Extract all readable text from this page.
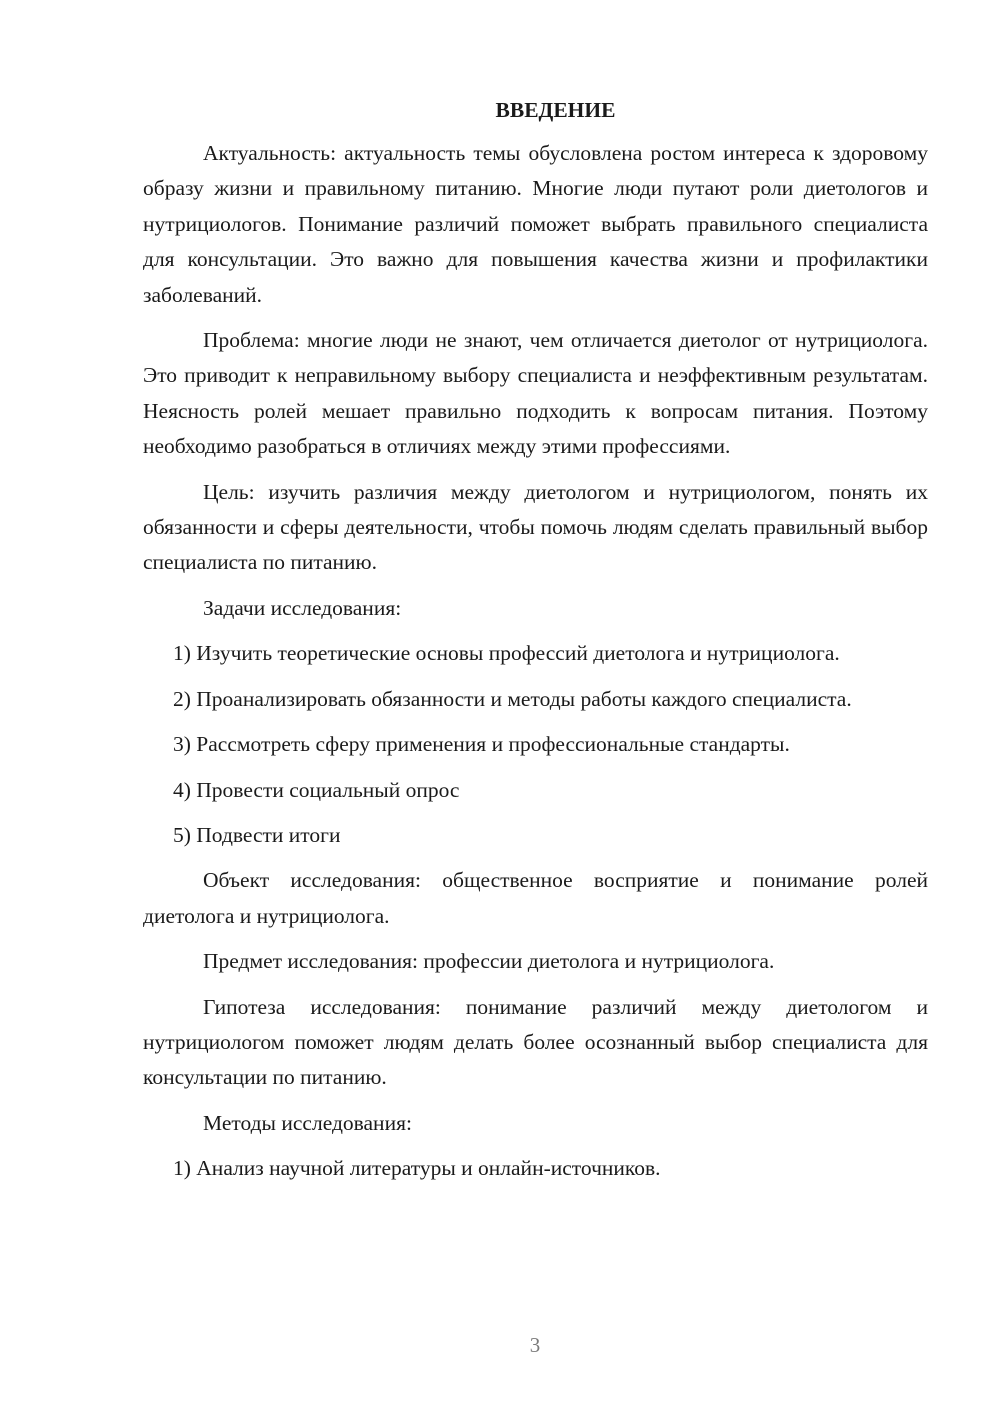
ВВЕДЕНИЕ

Актуальность: актуальность темы обусловлена ростом интереса к здоровому образу жизни и правильному питанию. Многие люди путают роли диетологов и нутрициологов. Понимание различий поможет выбрать правильного специалиста для консультации. Это важно для повышения качества жизни и профилактики заболеваний.

Проблема: многие люди не знают, чем отличается диетолог от нутрициолога. Это приводит к неправильному выбору специалиста и неэффективным результатам. Неясность ролей мешает правильно подходить к вопросам питания. Поэтому необходимо разобраться в отличиях между этими профессиями.

Цель: изучить различия между диетологом и нутрициологом, понять их обязанности и сферы деятельности, чтобы помочь людям сделать правильный выбор специалиста по питанию.

Задачи исследования:

1) Изучить теоретические основы профессий диетолога и нутрициолога.

2) Проанализировать обязанности и методы работы каждого специалиста.

3) Рассмотреть сферу применения и профессиональные стандарты.

4) Провести социальный опрос

5) Подвести итоги

Объект исследования: общественное восприятие и понимание ролей диетолога и нутрициолога.

Предмет исследования: профессии диетолога и нутрициолога.

Гипотеза исследования: понимание различий между диетологом и нутрициологом поможет людям делать более осознанный выбор специалиста для консультации по питанию.

Методы исследования:

1) Анализ научной литературы и онлайн-источников.

3
